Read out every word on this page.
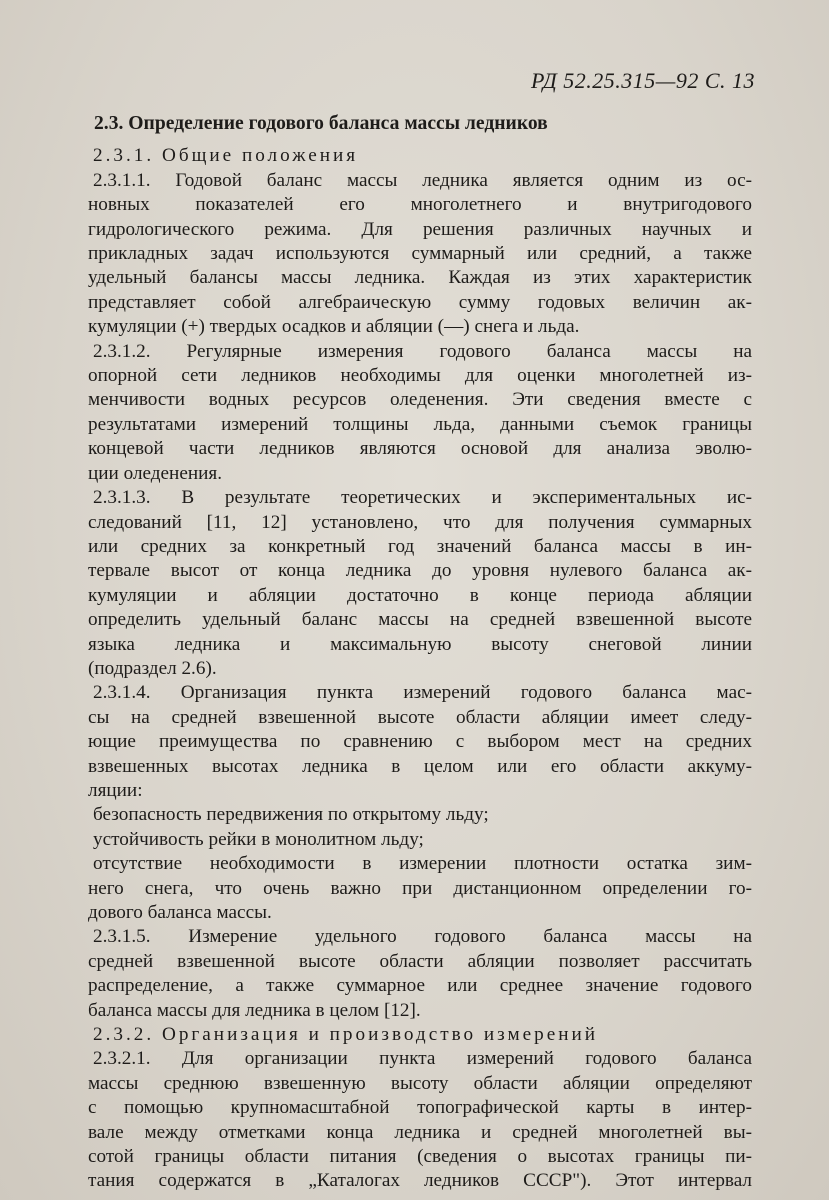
РД 52.25.315—92 С. 13
2.3. Определение годового баланса массы ледников
2.3.1. Общие положения
2.3.1.1. Годовой баланс массы ледника является одним из ос-
новных показателей его многолетнего и внутригодового
гидрологического режима. Для решения различных научных и
прикладных задач используются суммарный или средний, а также
удельный балансы массы ледника. Каждая из этих характеристик
представляет собой алгебраическую сумму годовых величин ак-
кумуляции (+) твердых осадков и абляции (—) снега и льда.
2.3.1.2. Регулярные измерения годового баланса массы на
опорной сети ледников необходимы для оценки многолетней из-
менчивости водных ресурсов оледенения. Эти сведения вместе с
результатами измерений толщины льда, данными съемок границы
концевой части ледников являются основой для анализа эволю-
ции оледенения.
2.3.1.3. В результате теоретических и экспериментальных ис-
следований [11, 12] установлено, что для получения суммарных
или средних за конкретный год значений баланса массы в ин-
тервале высот от конца ледника до уровня нулевого баланса ак-
кумуляции и абляции достаточно в конце периода абляции
определить удельный баланс массы на средней взвешенной высоте
языка ледника и максимальную высоту снеговой линии
(подраздел 2.6).
2.3.1.4. Организация пункта измерений годового баланса мас-
сы на средней взвешенной высоте области абляции имеет следу-
ющие преимущества по сравнению с выбором мест на средних
взвешенных высотах ледника в целом или его области аккуму-
ляции:
безопасность передвижения по открытому льду;
устойчивость рейки в монолитном льду;
отсутствие необходимости в измерении плотности остатка зим-
него снега, что очень важно при дистанционном определении го-
дового баланса массы.
2.3.1.5. Измерение удельного годового баланса массы на
средней взвешенной высоте области абляции позволяет рассчитать
распределение, а также суммарное или среднее значение годового
баланса массы для ледника в целом [12].
2.3.2. Организация и производство измерений
2.3.2.1. Для организации пункта измерений годового баланса
массы среднюю взвешенную высоту области абляции определяют
с помощью крупномасштабной топографической карты в интер-
вале между отметками конца ледника и средней многолетней вы-
сотой границы области питания (сведения о высотах границы пи-
тания содержатся в „Каталогах ледников СССР"). Этот интервал
